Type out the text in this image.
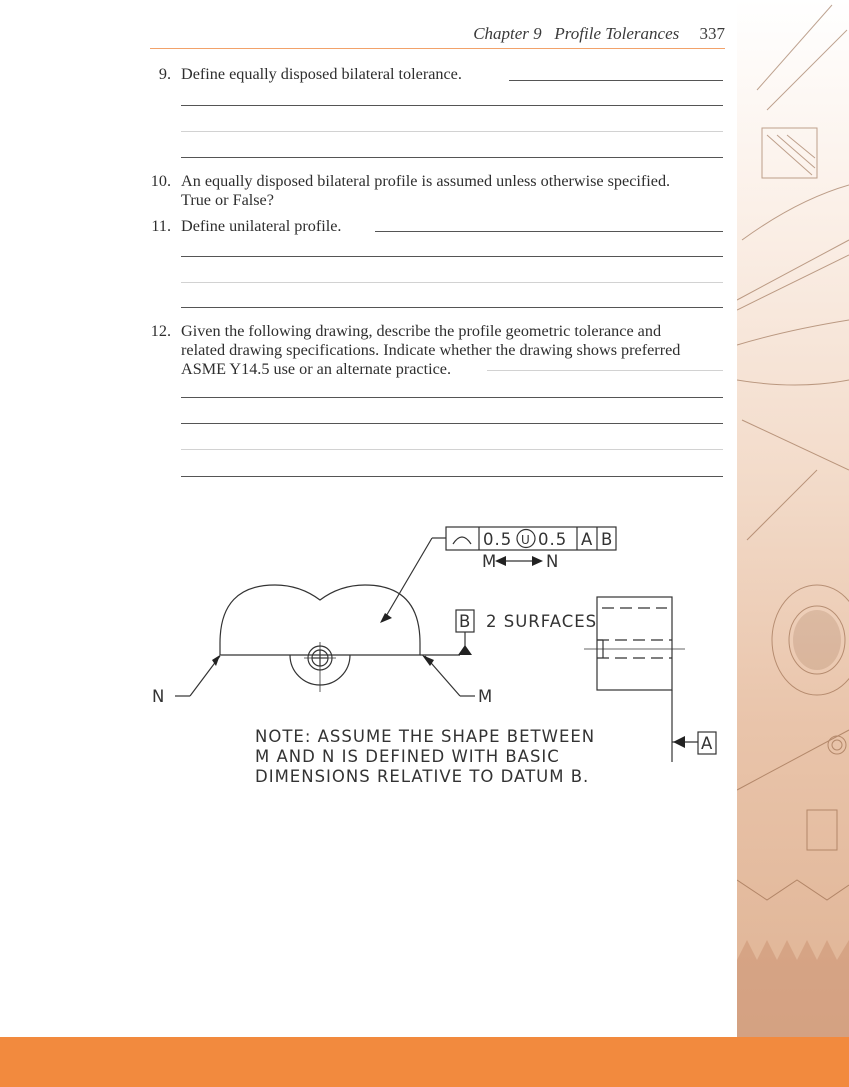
Chapter 9 Profile Tolerances 337
9. Define equally disposed bilateral tolerance.
10. An equally disposed bilateral profile is assumed unless otherwise specified.
True or False?
11. Define unilateral profile.
12. Given the following drawing, describe the profile geometric tolerance and
related drawing specifications. Indicate whether the drawing shows preferred
ASME Y14.5 use or an alternate practice.
0.5 U 0.5 A B
M	N
B 2 SURFACES
A
N	M
NOTE: ASSUME THE SHAPE BETWEEN
M AND N IS DEFINED WITH BASIC
DIMENSIONS RELATIVE TO DATUM B.
